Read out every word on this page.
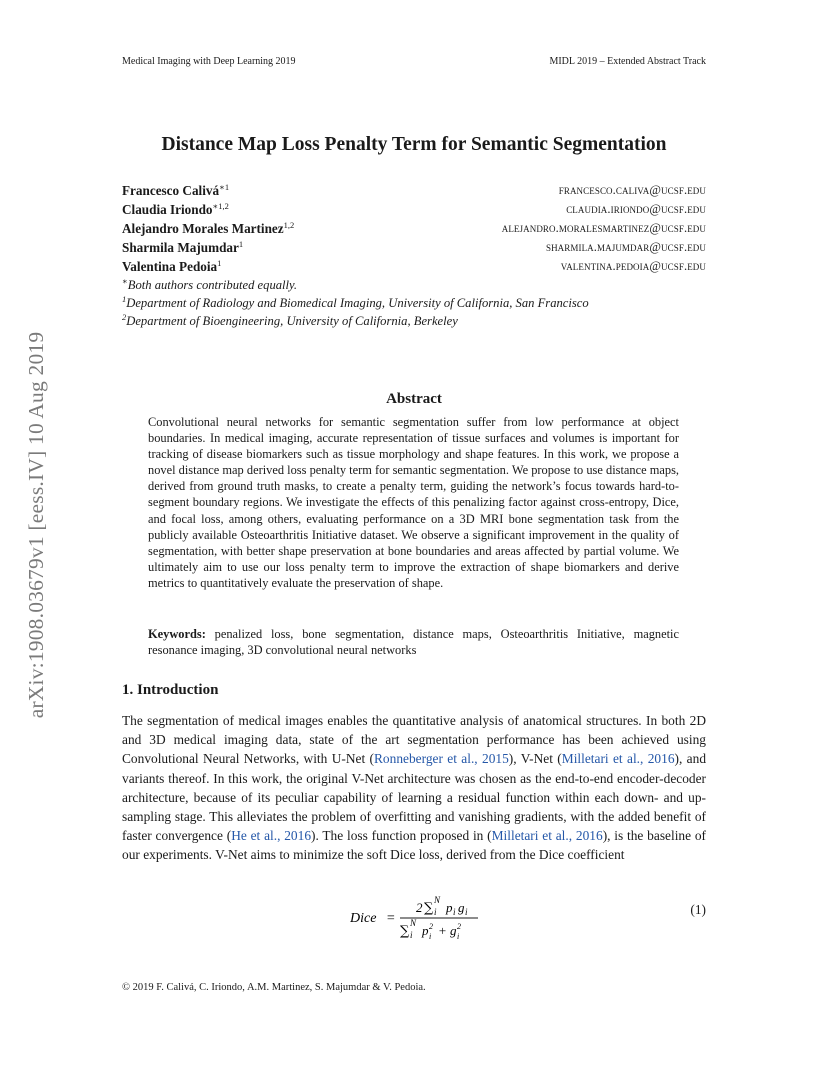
Medical Imaging with Deep Learning 2019	MIDL 2019 – Extended Abstract Track
arXiv:1908.03679v1 [eess.IV] 10 Aug 2019
Distance Map Loss Penalty Term for Semantic Segmentation
Francesco Calivá$^{∗1}$	francesco.caliva@ucsf.edu
Claudia Iriondo$^{∗1,2}$	claudia.iriondo@ucsf.edu
Alejandro Morales Martinez$^{1,2}$	alejandro.moralesmartinez@ucsf.edu
Sharmila Majumdar$^1$	sharmila.majumdar@ucsf.edu
Valentina Pedoia$^1$	valentina.pedoia@ucsf.edu
∗Both authors contributed equally.
$^1$Department of Radiology and Biomedical Imaging, University of California, San Francisco
$^2$Department of Bioengineering, University of California, Berkeley
Abstract
Convolutional neural networks for semantic segmentation suffer from low performance at object boundaries. In medical imaging, accurate representation of tissue surfaces and volumes is important for tracking of disease biomarkers such as tissue morphology and shape features. In this work, we propose a novel distance map derived loss penalty term for semantic segmentation. We propose to use distance maps, derived from ground truth masks, to create a penalty term, guiding the network’s focus towards hard-to-segment boundary regions. We investigate the effects of this penalizing factor against cross-entropy, Dice, and focal loss, among others, evaluating performance on a 3D MRI bone segmentation task from the publicly available Osteoarthritis Initiative dataset. We observe a significant improvement in the quality of segmentation, with better shape preservation at bone boundaries and areas affected by partial volume. We ultimately aim to use our loss penalty term to improve the extraction of shape biomarkers and derive metrics to quantitatively evaluate the preservation of shape.
Keywords: penalized loss, bone segmentation, distance maps, Osteoarthritis Initiative, magnetic resonance imaging, 3D convolutional neural networks
1. Introduction
The segmentation of medical images enables the quantitative analysis of anatomical structures. In both 2D and 3D medical imaging data, state of the art segmentation performance has been achieved using Convolutional Neural Networks, with U-Net (Ronneberger et al., 2015), V-Net (Milletari et al., 2016), and variants thereof. In this work, the original V-Net architecture was chosen as the end-to-end encoder-decoder architecture, because of its peculiar capability of learning a residual function within each down- and up- sampling stage. This alleviates the problem of overfitting and vanishing gradients, with the added benefit of faster convergence (He et al., 2016). The loss function proposed in (Milletari et al., 2016), is the baseline of our experiments. V-Net aims to minimize the soft Dice loss, derived from the Dice coefficient
Dice =
2 ∑
N
i p i g i
∑
N
i p 2
i + g 2
i
(1)
© 2019 F. Calivá, C. Iriondo, A.M. Martinez, S. Majumdar & V. Pedoia.
